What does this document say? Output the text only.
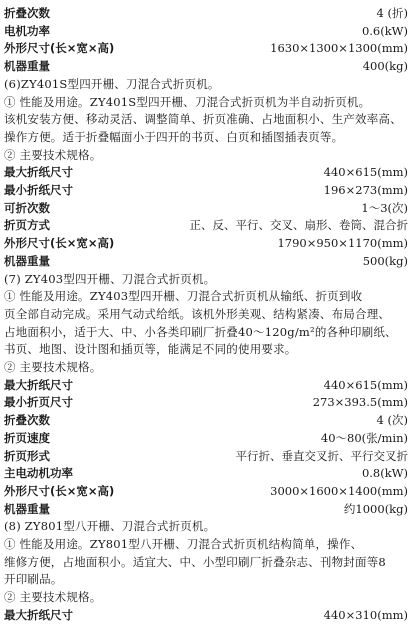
折叠次数	4 (折)
电机功率	0.6(kW)
外形尺寸(长×宽×高)	1630×1300×1300(mm)
机器重量	400(kg)
(6)ZY401S型四开栅、刀混合式折页机。
① 性能及用途。ZY401S型四开栅、刀混合式折页机为半自动折页机。
该机安装方便、移动灵活、调整简单、折页准确、占地面积小、生产效率高、
操作方便。适于折叠幅面小于四开的书页、白页和插图插表页等。
② 主要技术规格。
最大折纸尺寸	440×615(mm)
最小折纸尺寸	196×273(mm)
可折次数	1～3(次)
折页方式	正、反、平行、交叉、扇形、卷筒、混合折
外形尺寸(长×宽×高)	1790×950×1170(mm)
机器重量	500(kg)
(7) ZY403型四开栅、刀混合式折页机。
① 性能及用途。ZY403型四开栅、刀混合式折页机从输纸、折页到收
页全部自动完成。采用气动式给纸。该机外形美观、结构紧凑、布局合理、
占地面积小，适于大、中、小各类印刷厂折叠40～120g/m²的各种印刷纸、
书页、地图、设计图和插页等，能满足不同的使用要求。
② 主要技术规格。
最大折纸尺寸	440×615(mm)
最小折页尺寸	273×393.5(mm)
折叠次数	4 (次)
折页速度	40～80(张/min)
折页形式	平行折、垂直交叉折、平行交叉折
主电动机功率	0.8(kW)
外形尺寸(长×宽×高)	3000×1600×1400(mm)
机器重量	约1000(kg)
(8) ZY801型八开栅、刀混合式折页机。
① 性能及用途。ZY801型八开栅、刀混合式折页机结构简单，操作、
维修方便，占地面积小。适宜大、中、小型印刷厂折叠杂志、刊物封面等8
开印刷品。
② 主要技术规格。
最大折纸尺寸	440×310(mm)
